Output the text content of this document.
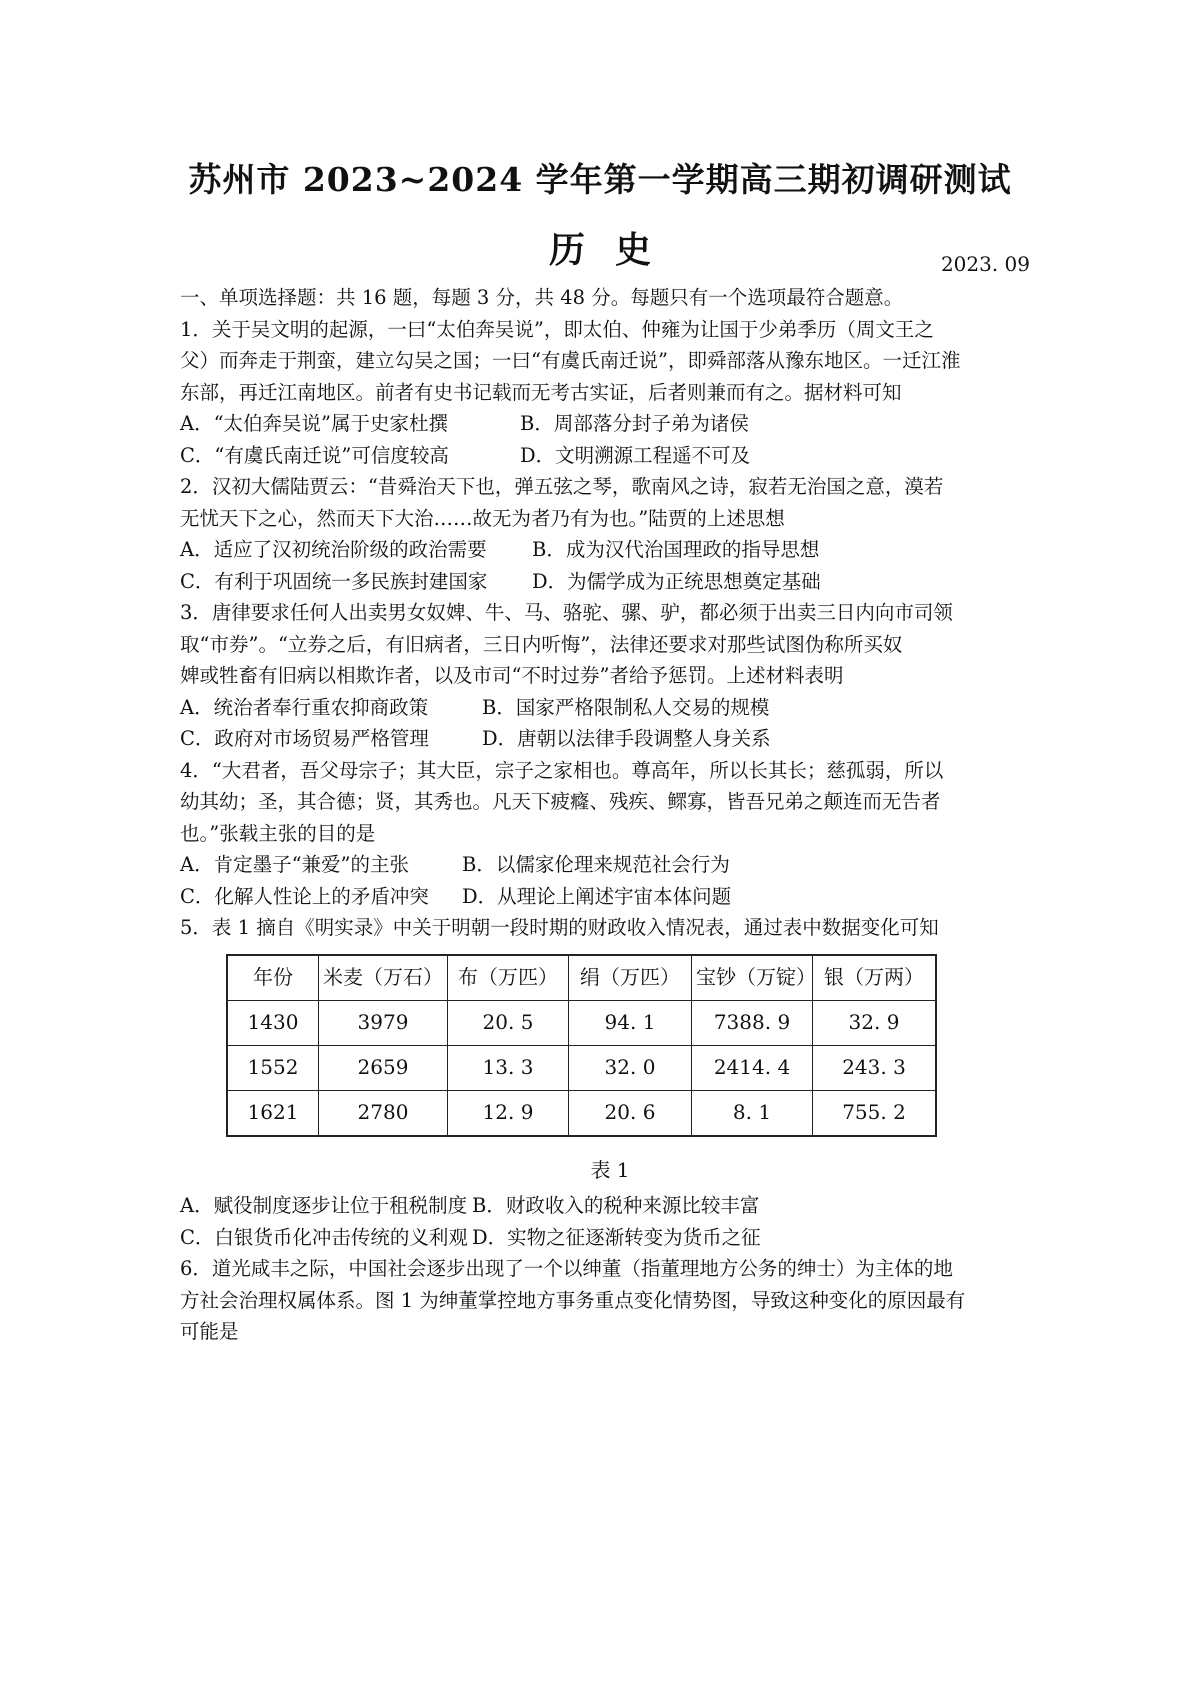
苏州市 2023~2024 学年第一学期高三期初调研测试
历史	2023. 09
一、单项选择题：共 16 题，每题 3 分，共 48 分。每题只有一个选项最符合题意。
1．关于吴文明的起源，一曰“太伯奔吴说”，即太伯、仲雍为让国于少弟季历（周文王之
父）而奔走于荆蛮，建立勾吴之国；一曰“有虞氏南迁说”，即舜部落从豫东地区。一迁江淮
东部，再迁江南地区。前者有史书记载而无考古实证，后者则兼而有之。据材料可知
A．“太伯奔吴说”属于史家杜撰	B．周部落分封子弟为诸侯
C．“有虞氏南迁说”可信度较高	D．文明溯源工程遥不可及
2．汉初大儒陆贾云：“昔舜治天下也，弹五弦之琴，歌南风之诗，寂若无治国之意，漠若
无忧天下之心，然而天下大治……故无为者乃有为也。”陆贾的上述思想
A．适应了汉初统治阶级的政治需要	B．成为汉代治国理政的指导思想
C．有利于巩固统一多民族封建国家	D．为儒学成为正统思想奠定基础
3．唐律要求任何人出卖男女奴婢、牛、马、骆驼、骡、驴，都必须于出卖三日内向市司领
取“市券”。“立券之后，有旧病者，三日内听悔”，法律还要求对那些试图伪称所买奴
婢或牲畜有旧病以相欺诈者，以及市司“不时过券”者给予惩罚。上述材料表明
A．统治者奉行重农抑商政策	B．国家严格限制私人交易的规模
C．政府对市场贸易严格管理	D．唐朝以法律手段调整人身关系
4．“大君者，吾父母宗子；其大臣，宗子之家相也。尊高年，所以长其长；慈孤弱，所以
幼其幼；圣，其合德；贤，其秀也。凡天下疲癃、残疾、鳏寡，皆吾兄弟之颠连而无告者
也。”张载主张的目的是
A．肯定墨子“兼爱”的主张	B．以儒家伦理来规范社会行为
C．化解人性论上的矛盾冲突	D．从理论上阐述宇宙本体问题
5．表 1 摘自《明实录》中关于明朝一段时期的财政收入情况表，通过表中数据变化可知
年份	米麦（万石）	布（万匹）	绢（万匹）	宝钞（万锭）	银（万两）
1430	3979	20. 5	94. 1	7388. 9	32. 9
1552	2659	13. 3	32. 0	2414. 4	243. 3
1621	2780	12. 9	20. 6	8. 1	755. 2
表 1
A．赋役制度逐步让位于租税制度 B．财政收入的税种来源比较丰富
C．白银货币化冲击传统的义利观 D．实物之征逐渐转变为货币之征
6．道光咸丰之际，中国社会逐步出现了一个以绅董（指董理地方公务的绅士）为主体的地
方社会治理权属体系。图 1 为绅董掌控地方事务重点变化情势图，导致这种变化的原因最有
可能是
